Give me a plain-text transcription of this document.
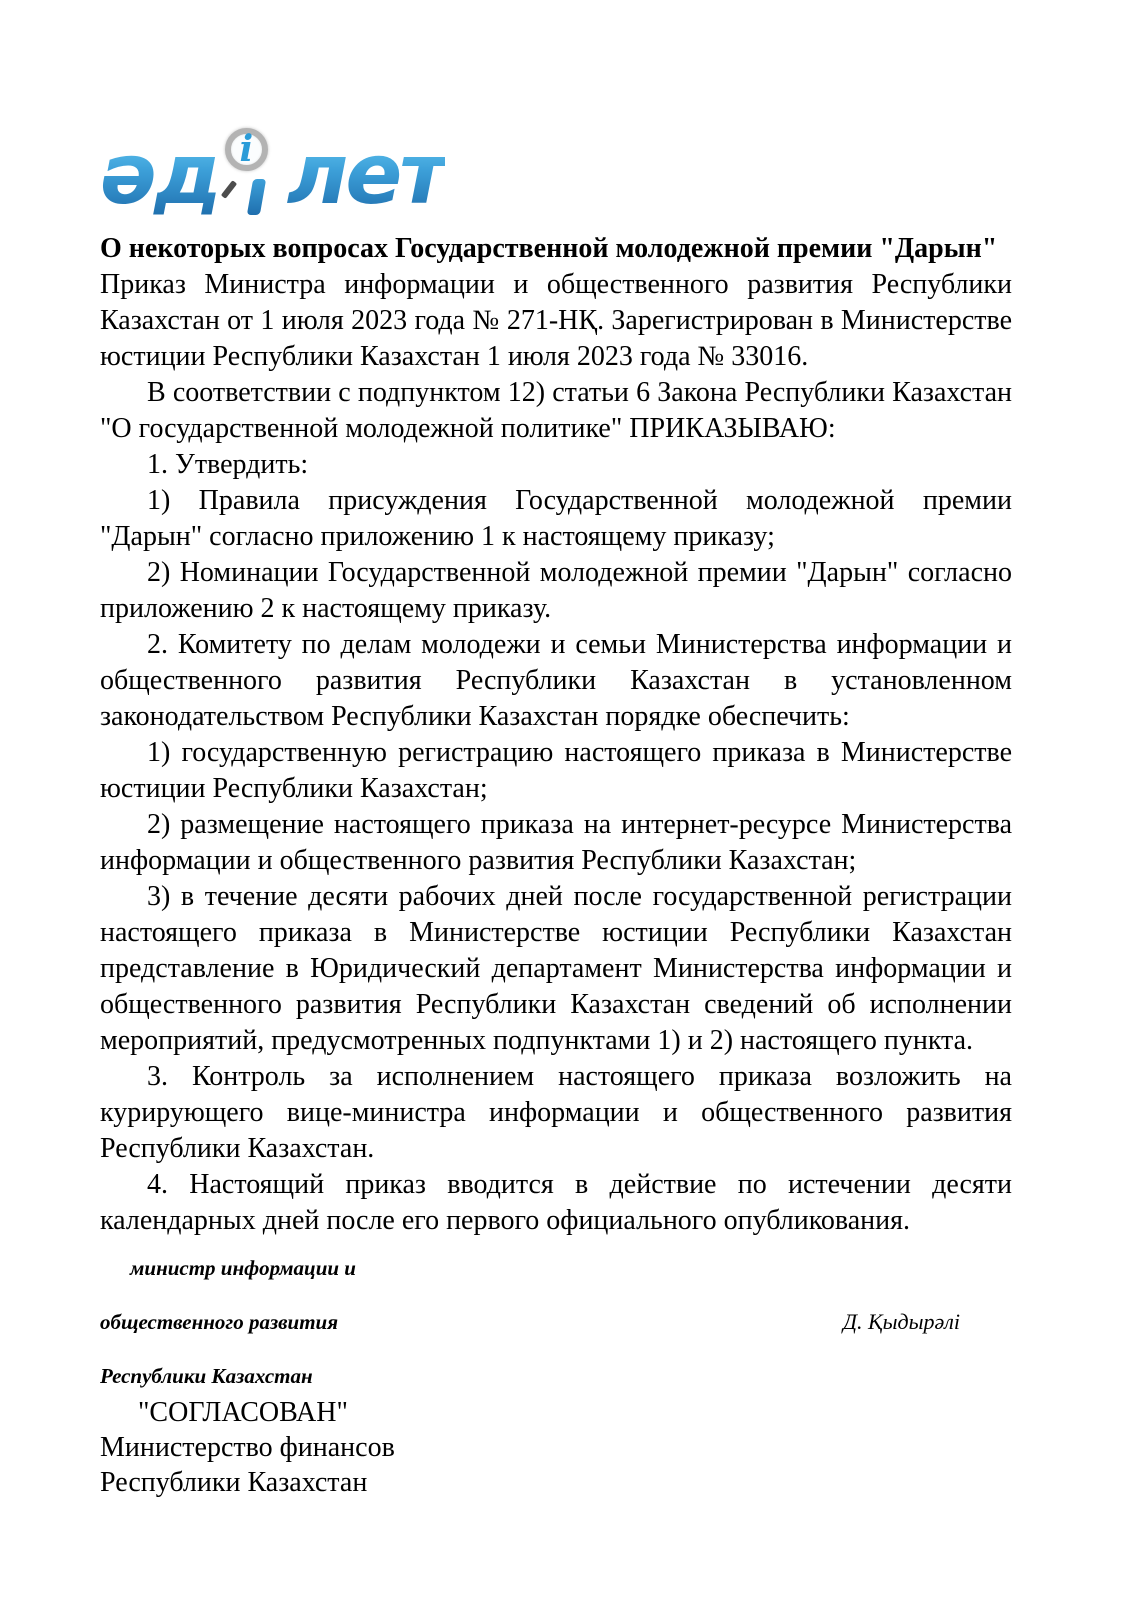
әд і лет
О некоторых вопросах Государственной молодежной премии "Дарын"

Приказ Министра информации и общественного развития Республики Казахстан от 1 июля 2023 года № 271-НҚ. Зарегистрирован в Министерстве юстиции Республики Казахстан 1 июля 2023 года № 33016.

В соответствии с подпунктом 12) статьи 6 Закона Республики Казахстан "О государственной молодежной политике" ПРИКАЗЫВАЮ:

1. Утвердить:

1) Правила присуждения Государственной молодежной премии "Дарын" согласно приложению 1 к настоящему приказу;

2) Номинации Государственной молодежной премии "Дарын" согласно приложению 2 к настоящему приказу.

2. Комитету по делам молодежи и семьи Министерства информации и общественного развития Республики Казахстан в установленном законодательством Республики Казахстан порядке обеспечить:

1) государственную регистрацию настоящего приказа в Министерстве юстиции Республики Казахстан;

2) размещение настоящего приказа на интернет-ресурсе Министерства информации и общественного развития Республики Казахстан;

3) в течение десяти рабочих дней после государственной регистрации настоящего приказа в Министерстве юстиции Республики Казахстан представление в Юридический департамент Министерства информации и общественного развития Республики Казахстан сведений об исполнении мероприятий, предусмотренных подпунктами 1) и 2) настоящего пункта.

3. Контроль за исполнением настоящего приказа возложить на курирующего вице-министра информации и общественного развития Республики Казахстан.

4. Настоящий приказ вводится в действие по истечении десяти календарных дней после его первого официального опубликования.

министр информации и

общественного развития	Д. Қыдырәлі

Республики Казахстан

"СОГЛАСОВАН"

Министерство финансов

Республики Казахстан
